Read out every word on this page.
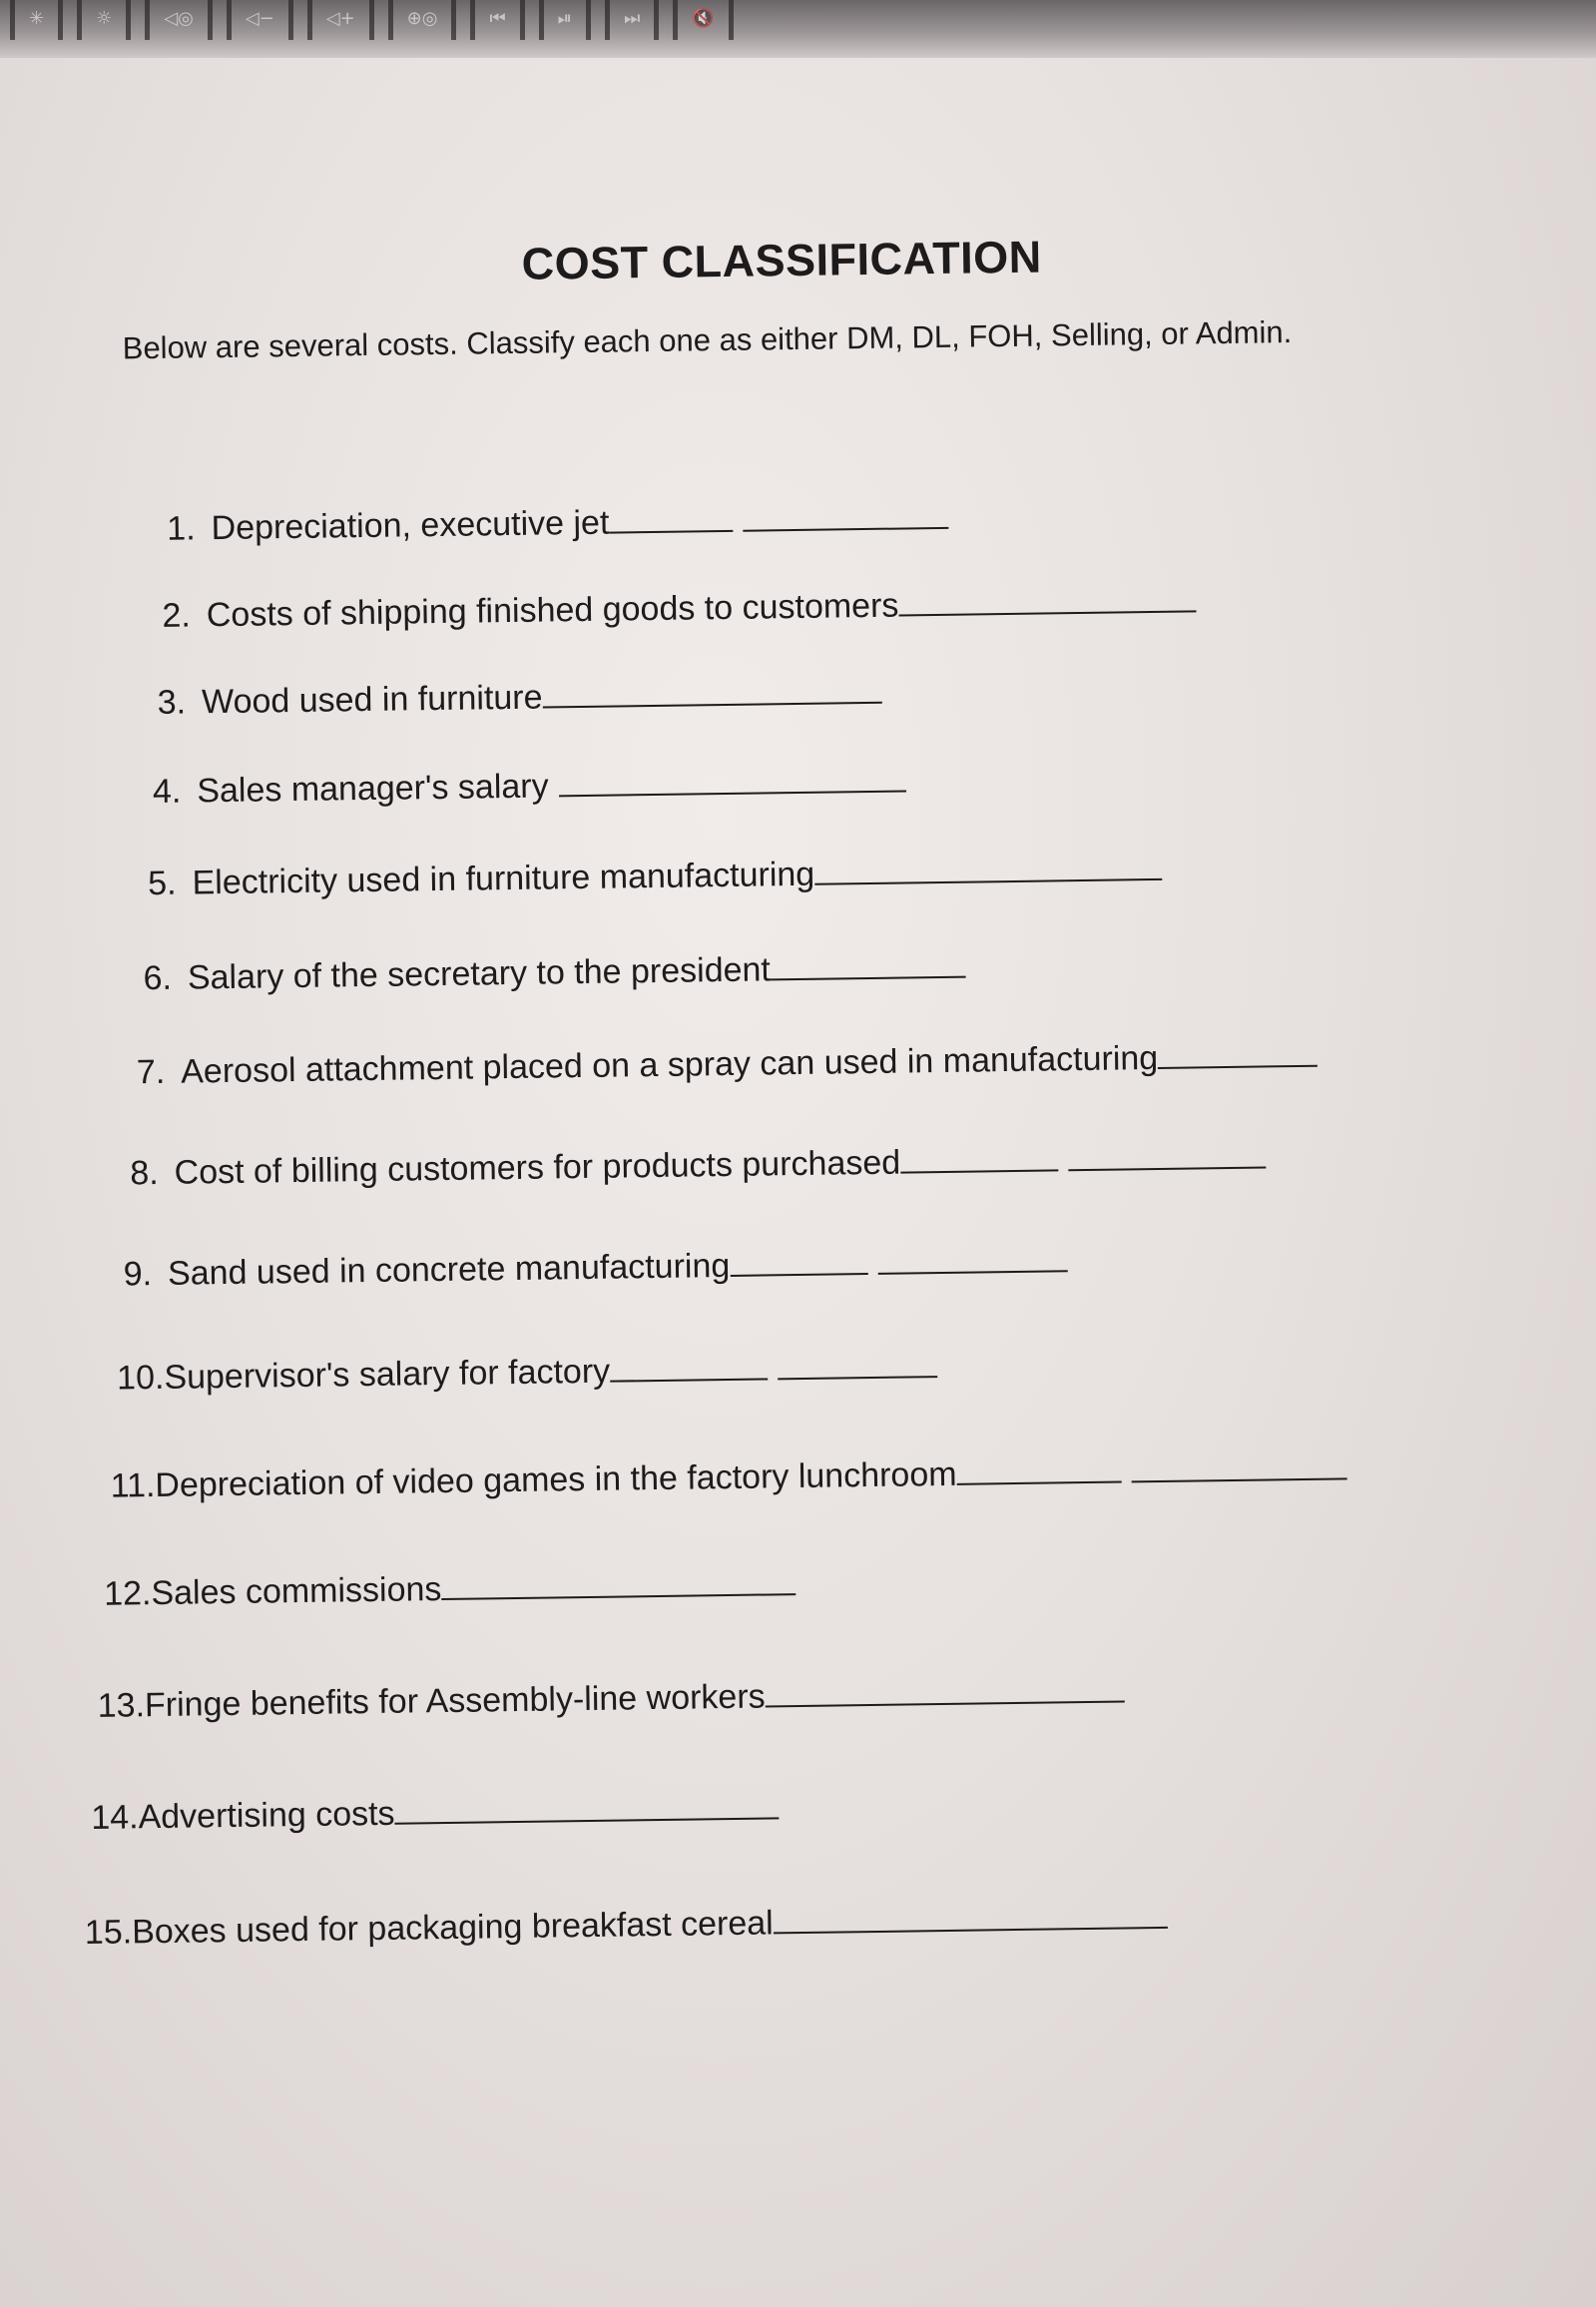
✳	☼	◁◎	◁−	◁+	⊕◎	⏮	⏯	⏭	🔇
COST CLASSIFICATION

Below are several costs. Classify each one as either DM, DL, FOH, Selling, or Admin.

1. Depreciation, executive jet
2. Costs of shipping finished goods to customers
3. Wood used in furniture
4. Sales manager's salary
5. Electricity used in furniture manufacturing
6. Salary of the secretary to the president
7. Aerosol attachment placed on a spray can used in manufacturing
8. Cost of billing customers for products purchased
9. Sand used in concrete manufacturing
10.Supervisor's salary for factory
11.Depreciation of video games in the factory lunchroom
12.Sales commissions
13.Fringe benefits for Assembly-line workers
14.Advertising costs
15.Boxes used for packaging breakfast cereal
